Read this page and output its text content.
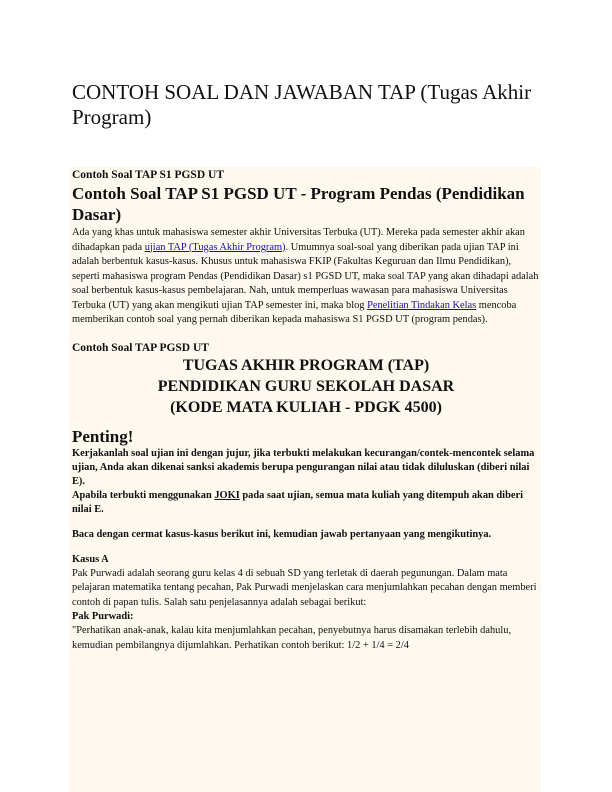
CONTOH SOAL DAN JAWABAN TAP (Tugas Akhir Program)

Contoh Soal TAP S1 PGSD UT

Contoh Soal TAP S1 PGSD UT - Program Pendas (Pendidikan Dasar)

Ada yang khas untuk mahasiswa semester akhir Universitas Terbuka (UT). Mereka pada semester akhir akan dihadapkan pada ujian TAP (Tugas Akhir Program). Umumnya soal-soal yang diberikan pada ujian TAP ini adalah berbentuk kasus-kasus. Khusus untuk mahasiswa FKIP (Fakultas Keguruan dan Ilmu Pendidikan), seperti mahasiswa program Pendas (Pendidikan Dasar) s1 PGSD UT, maka soal TAP yang akan dihadapi adalah soal berbentuk kasus-kasus pembelajaran. Nah, untuk memperluas wawasan para mahasiswa Universitas Terbuka (UT) yang akan mengikuti ujian TAP semester ini, maka blog Penelitian Tindakan Kelas mencoba memberikan contoh soal yang pernah diberikan kepada mahasiswa S1 PGSD UT (program pendas).

Contoh Soal TAP PGSD UT

TUGAS AKHIR PROGRAM (TAP)

PENDIDIKAN GURU SEKOLAH DASAR

(KODE MATA KULIAH - PDGK 4500)

Penting!

Kerjakanlah soal ujian ini dengan jujur, jika terbukti melakukan kecurangan/contek-mencontek selama ujian, Anda akan dikenai sanksi akademis berupa pengurangan nilai atau tidak diluluskan (diberi nilai E).

Apabila terbukti menggunakan JOKI pada saat ujian, semua mata kuliah yang ditempuh akan diberi nilai E.

Baca dengan cermat kasus-kasus berikut ini, kemudian jawab pertanyaan yang mengikutinya.

Kasus A

Pak Purwadi adalah seorang guru kelas 4 di sebuah SD yang terletak di daerah pegunungan. Dalam mata pelajaran matematika tentang pecahan, Pak Purwadi menjelaskan cara menjumlahkan pecahan dengan memberi contoh di papan tulis. Salah satu penjelasannya adalah sebagai berikut:

Pak Purwadi:

"Perhatikan anak-anak, kalau kita menjumlahkan pecahan, penyebutnya harus disamakan terlebih dahulu, kemudian pembilangnya dijumlahkan. Perhatikan contoh berikut: 1/2 + 1/4 = 2/4
